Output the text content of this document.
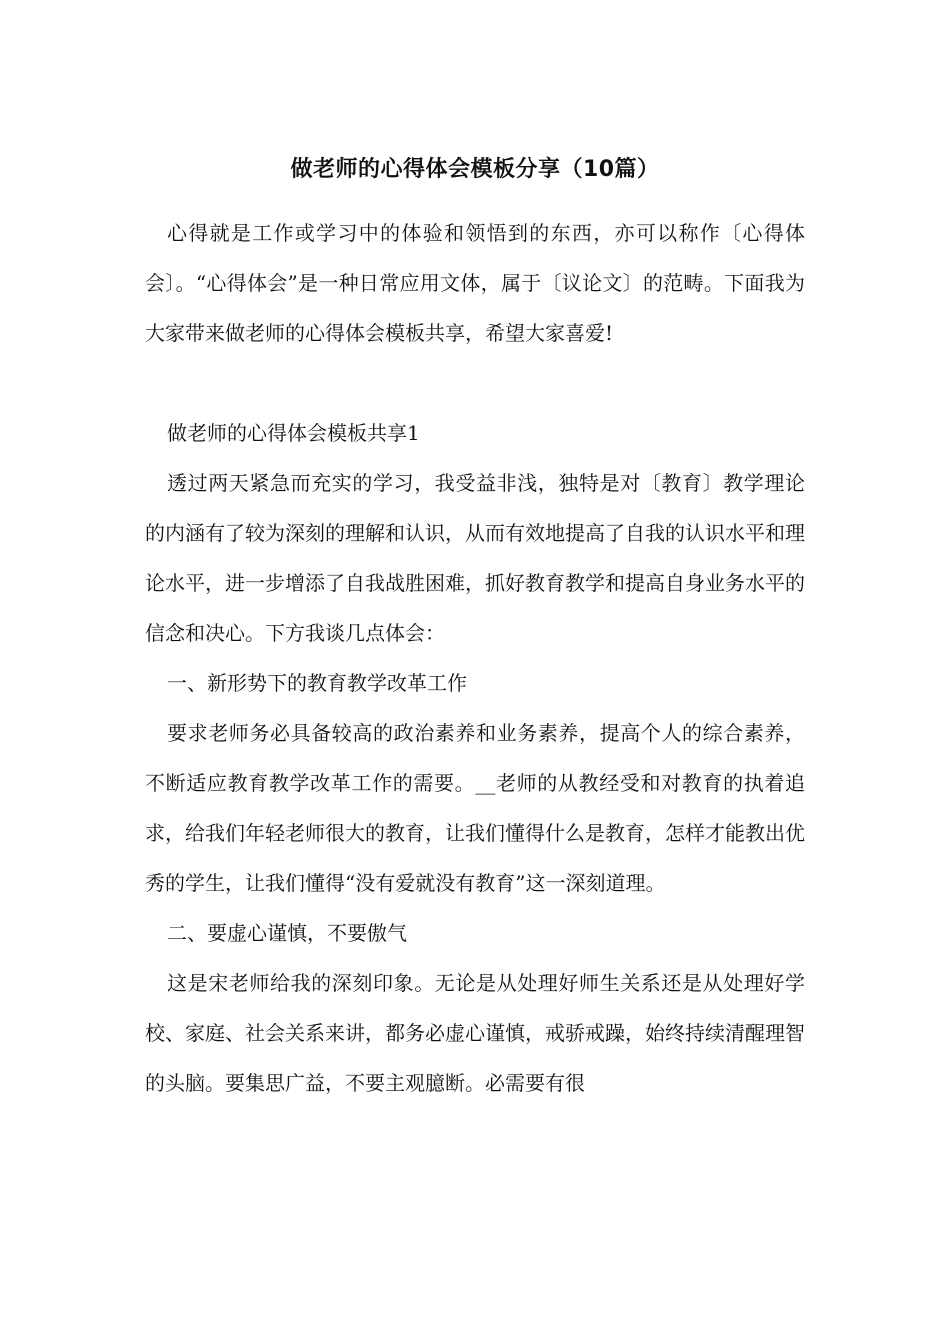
做老师的心得体会模板分享（10篇）

心得就是工作或学习中的体验和领悟到的东西，亦可以称作〔心得体会〕。“心得体会”是一种日常应用文体，属于〔议论文〕的范畴。下面我为大家带来做老师的心得体会模板共享，希望大家喜爱!

做老师的心得体会模板共享1

透过两天紧急而充实的学习，我受益非浅，独特是对〔教育〕教学理论的内涵有了较为深刻的理解和认识，从而有效地提高了自我的认识水平和理论水平，进一步增添了自我战胜困难，抓好教育教学和提高自身业务水平的信念和决心。下方我谈几点体会：

一、新形势下的教育教学改革工作

要求老师务必具备较高的政治素养和业务素养，提高个人的综合素养，不断适应教育教学改革工作的需要。__老师的从教经受和对教育的执着追求，给我们年轻老师很大的教育，让我们懂得什么是教育，怎样才能教出优秀的学生，让我们懂得“没有爱就没有教育”这一深刻道理。

二、要虚心谨慎，不要傲气

这是宋老师给我的深刻印象。无论是从处理好师生关系还是从处理好学校、家庭、社会关系来讲，都务必虚心谨慎，戒骄戒躁，始终持续清醒理智的头脑。要集思广益，不要主观臆断。必需要有很
